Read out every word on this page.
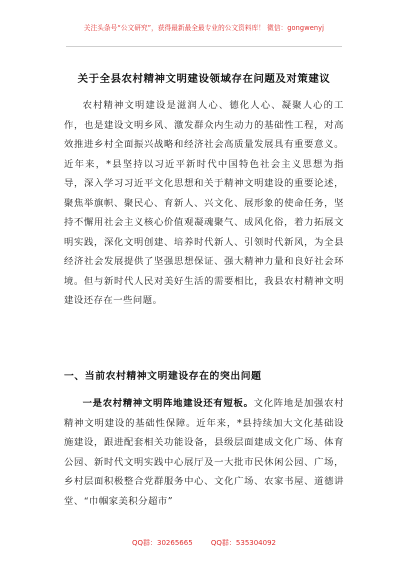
关注头条号“公文研究”，获得最新最全最专业的公文资料库！ 微信：gongwenyj
关于全县农村精神文明建设领域存在问题及对策建议

农村精神文明建设是滋润人心、德化人心、凝聚人心的工作，也是建设文明乡风、激发群众内生动力的基础性工程，对高效推进乡村全面振兴战略和经济社会高质量发展具有重要意义。近年来，*县坚持以习近平新时代中国特色社会主义思想为指导，深入学习习近平文化思想和关于精神文明建设的重要论述，聚焦举旗帜、聚民心、育新人、兴文化、展形象的使命任务，坚持不懈用社会主义核心价值观凝魂聚气、成风化俗，着力拓展文明实践，深化文明创建、培养时代新人、引领时代新风，为全县经济社会发展提供了坚强思想保证、强大精神力量和良好社会环境。但与新时代人民对美好生活的需要相比，我县农村精神文明建设还存在一些问题。

一、当前农村精神文明建设存在的突出问题

一是农村精神文明阵地建设还有短板。文化阵地是加强农村精神文明建设的基础性保障。近年来，*县持续加大文化基础设施建设，跟进配套相关功能设备，县级层面建成文化广场、体育公园、新时代文明实践中心展厅及一大批市民休闲公园、广场，乡村层面积极整合党群服务中心、文化广场、农家书屋、道德讲堂、“巾帼家美积分超市”

QQ群：30265665	QQ群：535304092
